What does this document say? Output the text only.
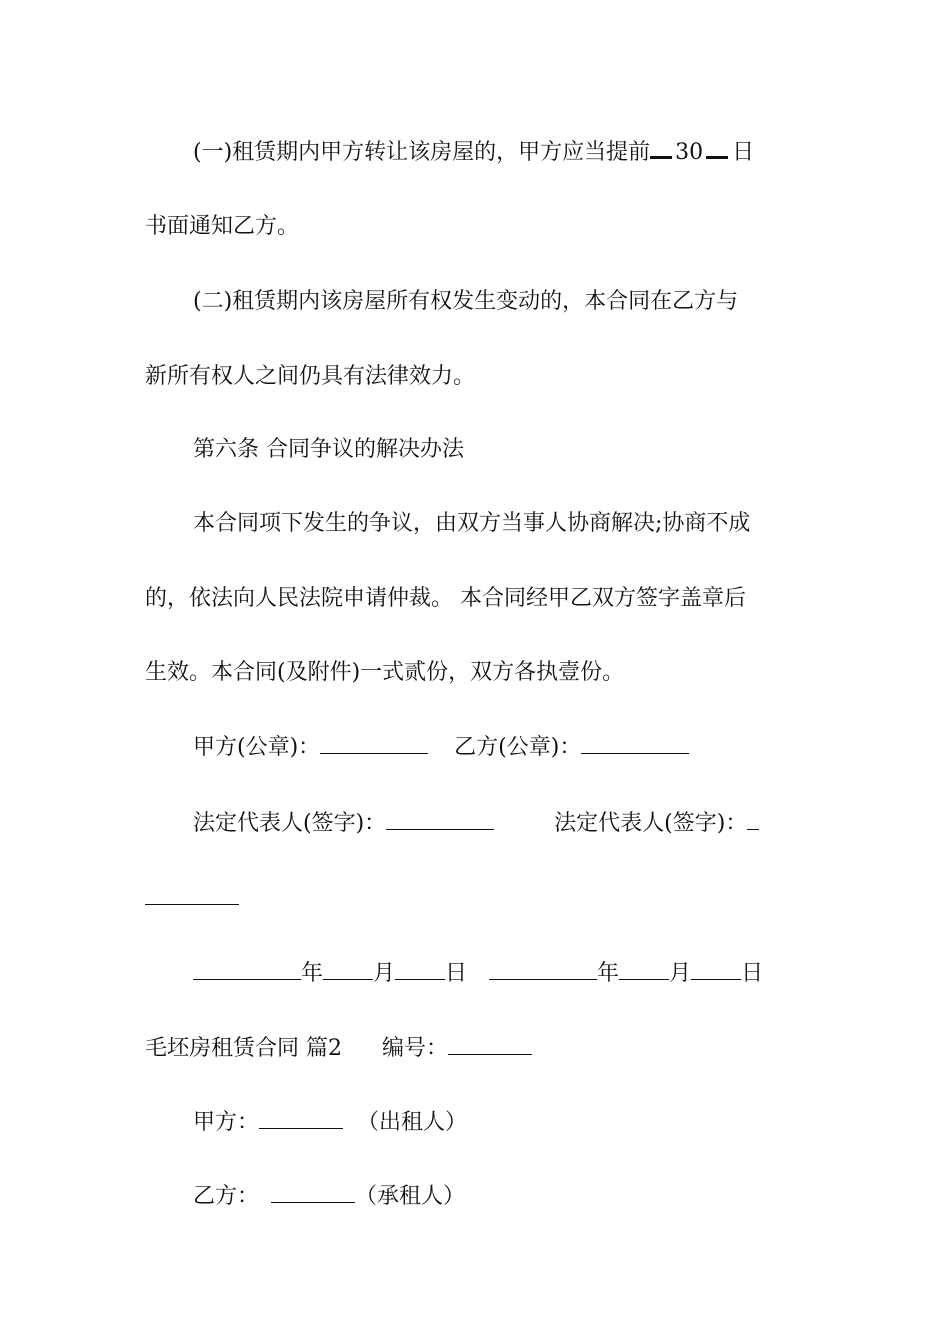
(一)租赁期内甲方转让该房屋的，甲方应当提前 30 日
书面通知乙方。
(二)租赁期内该房屋所有权发生变动的，本合同在乙方与
新所有权人之间仍具有法律效力。
第六条 合同争议的解决办法
本合同项下发生的争议，由双方当事人协商解决;协商不成
的，依法向人民法院申请仲裁。 本合同经甲乙双方签字盖章后
生效。本合同(及附件)一式贰份，双方各执壹份。
甲方(公章)：	乙方(公章)：
法定代表人(签字)：	法定代表人(签字)：
年 月 日	年 月 日
毛坯房租赁合同 篇2 编号：
甲方：	（出租人）
乙方：	（承租人）
